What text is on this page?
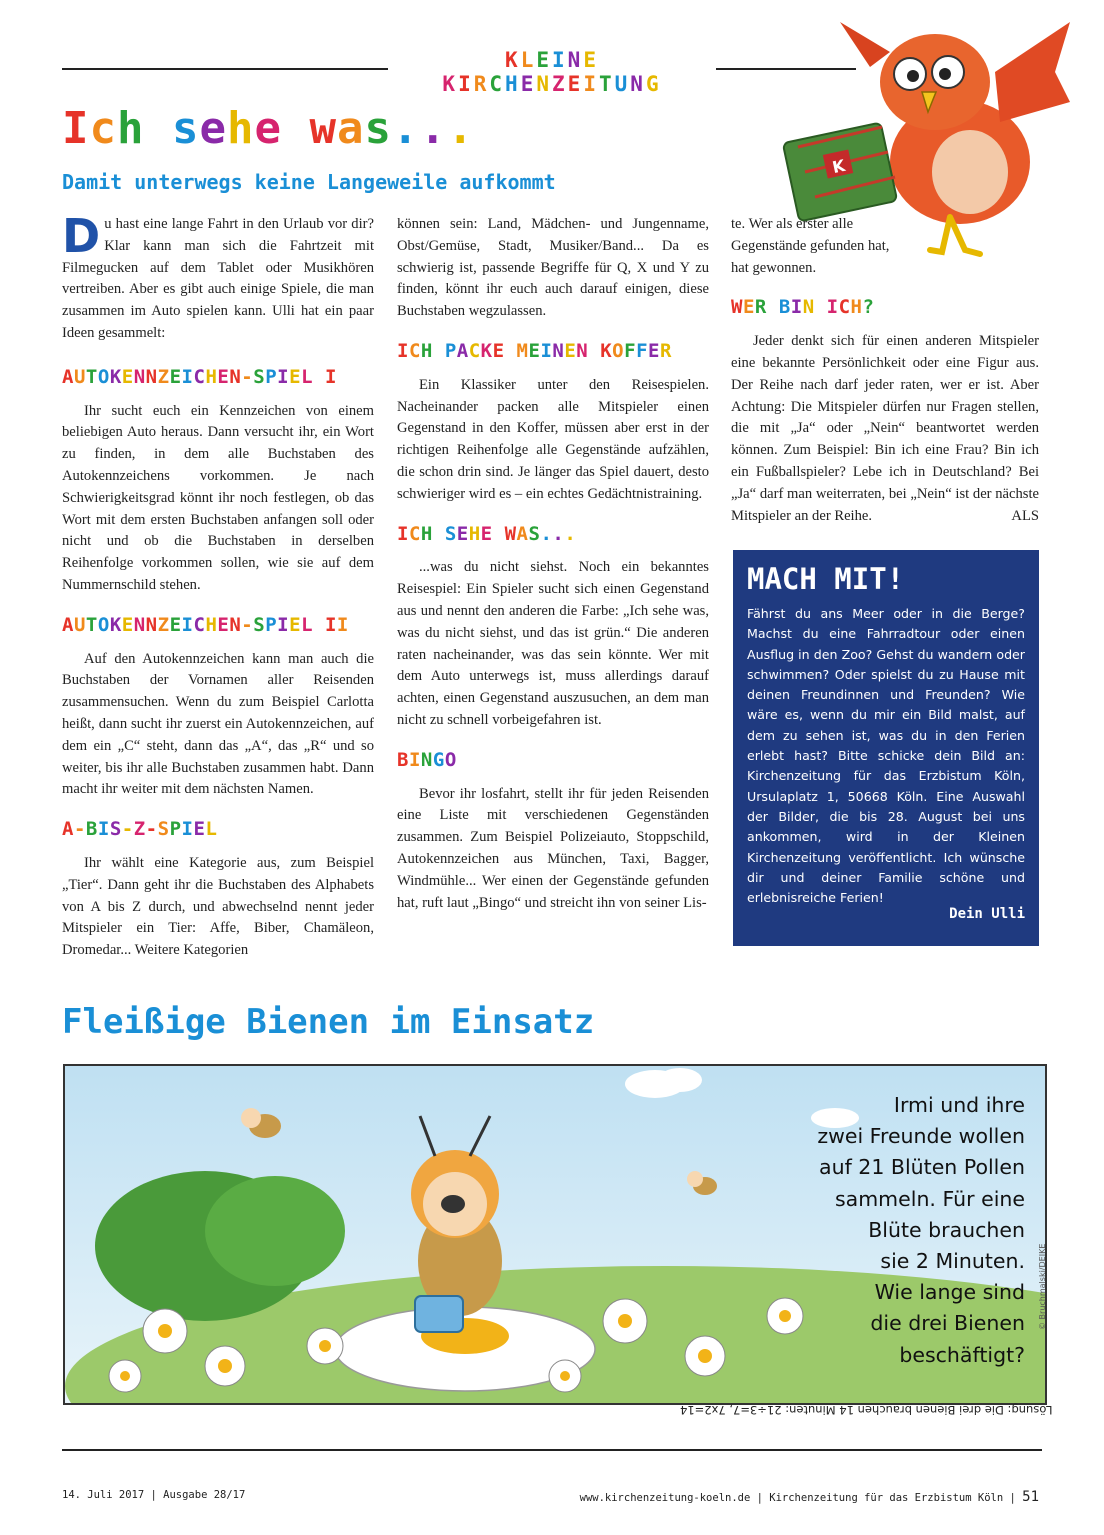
KLEINE KIRCHENZEITUNG
K
Ich sehe was...
Damit unterwegs keine Langeweile aufkommt

Du hast eine lange Fahrt in den Urlaub vor dir? Klar kann man sich die Fahrtzeit mit Filmegucken auf dem Tablet oder Musikhören vertreiben. Aber es gibt auch einige Spiele, die man zusammen im Auto spielen kann. Ulli hat ein paar Ideen gesammelt:

AUTOKENNZEICHEN-SPIEL I

Ihr sucht euch ein Kennzeichen von einem beliebigen Auto heraus. Dann versucht ihr, ein Wort zu finden, in dem alle Buchstaben des Autokennzeichens vorkommen. Je nach Schwierigkeitsgrad könnt ihr noch festlegen, ob das Wort mit dem ersten Buchstaben anfangen soll oder nicht und ob die Buchstaben in derselben Reihenfolge vorkommen sollen, wie sie auf dem Nummernschild stehen.

AUTOKENNZEICHEN-SPIEL II

Auf den Autokennzeichen kann man auch die Buchstaben der Vornamen aller Reisenden zusammensuchen. Wenn du zum Beispiel Carlotta heißt, dann sucht ihr zuerst ein Autokennzeichen, auf dem ein „C“ steht, dann das „A“, das „R“ und so weiter, bis ihr alle Buchstaben zusammen habt. Dann macht ihr weiter mit dem nächsten Namen.

A-BIS-Z-SPIEL

Ihr wählt eine Kategorie aus, zum Beispiel „Tier“. Dann geht ihr die Buchstaben des Alphabets von A bis Z durch, und abwechselnd nennt jeder Mitspieler ein Tier: Affe, Biber, Chamäleon, Dromedar... Weitere Kategorien

können sein: Land, Mädchen- und Jungenname, Obst/Gemüse, Stadt, Musiker/Band... Da es schwierig ist, passende Begriffe für Q, X und Y zu finden, könnt ihr euch auch darauf einigen, diese Buchstaben wegzulassen.

ICH PACKE MEINEN KOFFER

Ein Klassiker unter den Reisespielen. Nacheinander packen alle Mitspieler einen Gegenstand in den Koffer, müssen aber erst in der richtigen Reihenfolge alle Gegenstände aufzählen, die schon drin sind. Je länger das Spiel dauert, desto schwieriger wird es – ein echtes Gedächtnistraining.

ICH SEHE WAS...

...was du nicht siehst. Noch ein bekanntes Reisespiel: Ein Spieler sucht sich einen Gegenstand aus und nennt den anderen die Farbe: „Ich sehe was, was du nicht siehst, und das ist grün.“ Die anderen raten nacheinander, was das sein könnte. Wer mit dem Auto unterwegs ist, muss allerdings darauf achten, einen Gegenstand auszusuchen, an dem man nicht zu schnell vorbeigefahren ist.

BINGO

Bevor ihr losfahrt, stellt ihr für jeden Reisenden eine Liste mit verschiedenen Gegenständen zusammen. Zum Beispiel Polizeiauto, Stoppschild, Autokennzeichen aus München, Taxi, Bagger, Windmühle... Wer einen der Gegenstände gefunden hat, ruft laut „Bingo“ und streicht ihn von seiner Lis-

te. Wer als erster alle Gegenstände gefunden hat, hat gewonnen.

WER BIN ICH?

Jeder denkt sich für einen anderen Mitspieler eine bekannte Persönlichkeit oder eine Figur aus. Der Reihe nach darf jeder raten, wer er ist. Aber Achtung: Die Mitspieler dürfen nur Fragen stellen, die mit „Ja“ oder „Nein“ beantwortet werden können. Zum Beispiel: Bin ich eine Frau? Bin ich ein Fußballspieler? Lebe ich in Deutschland? Bei „Ja“ darf man weiterraten, bei „Nein“ ist der nächste Mitspieler an der Reihe.	ALS

MACH MIT!
Fährst du ans Meer oder in die Berge? Machst du eine Fahrradtour oder einen Ausflug in den Zoo? Gehst du wandern oder schwimmen? Oder spielst du zu Hause mit deinen Freundinnen und Freunden? Wie wäre es, wenn du mir ein Bild malst, auf dem zu sehen ist, was du in den Ferien erlebt hast? Bitte schicke dein Bild an: Kirchenzeitung für das Erzbistum Köln, Ursulaplatz 1, 50668 Köln. Eine Auswahl der Bilder, die bis 28. August bei uns ankommen, wird in der Kleinen Kirchenzeitung veröffentlicht. Ich wünsche dir und deiner Familie schöne und erlebnisreiche Ferien!
Dein Ulli
Fleißige Bienen im Einsatz
Irmi und ihre
zwei Freunde wollen
auf 21 Blüten Pollen
sammeln. Für eine
Blüte brauchen
sie 2 Minuten.
Wie lange sind
die drei Bienen
beschäftigt?
© Bruchmalski/DEIKE
Lösung: Die drei Bienen brauchen 14 Minuten: 21÷3=7, 7x2=14
14. Juli 2017 | Ausgabe 28/17	www.kirchenzeitung-koeln.de | Kirchenzeitung für das Erzbistum Köln | 51
